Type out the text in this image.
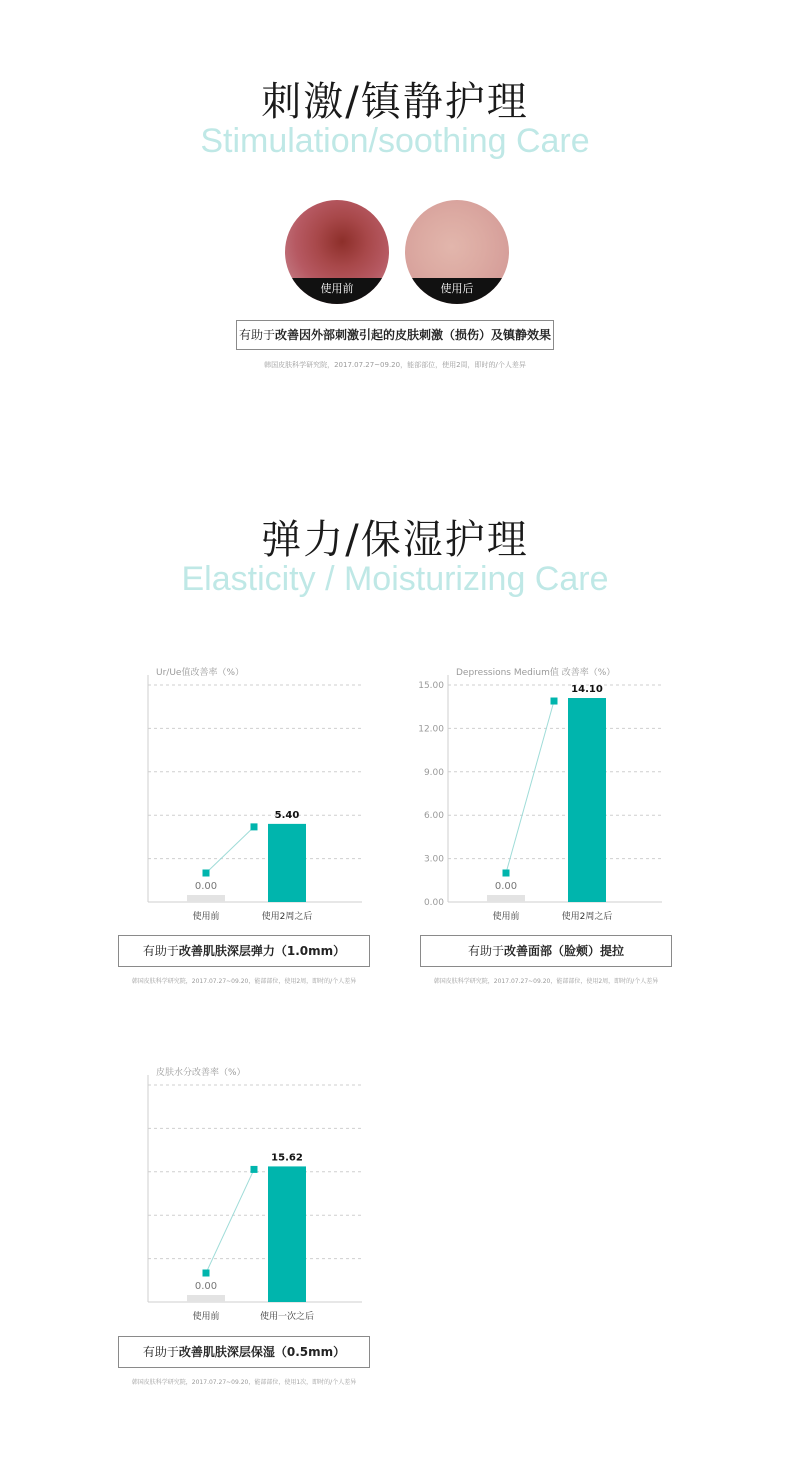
刺激/镇静护理
Stimulation/soothing Care
使用前	使用后
有助于改善因外部刺激引起的皮肤刺激（损伤）及镇静效果
韩国皮肤科学研究院，2017.07.27~09.20，能部部位，使用2周，即时的/个人差异
弹力/保湿护理
Elasticity / Moisturizing Care
Ur/Ue值改善率（%）
0.00
5.40
使用前	使用2周之后
Depressions Medium值 改善率（%）
15.00
12.00
9.00
6.00
3.00
0.00
0.00
14.10
使用前	使用2周之后
皮肤水分改善率（%）
0.00
15.62
使用前	使用一次之后
有助于改善肌肤深层弹力（1.0mm）
韩国皮肤科学研究院，2017.07.27~09.20，能部部位，使用2周，即时的/个人差异
有助于改善面部（脸颊）提拉
韩国皮肤科学研究院，2017.07.27~09.20，能部部位，使用2周，即时的/个人差异
有助于改善肌肤深层保湿（0.5mm）
韩国皮肤科学研究院，2017.07.27~09.20，能部部位，使用1次，即时的/个人差异
